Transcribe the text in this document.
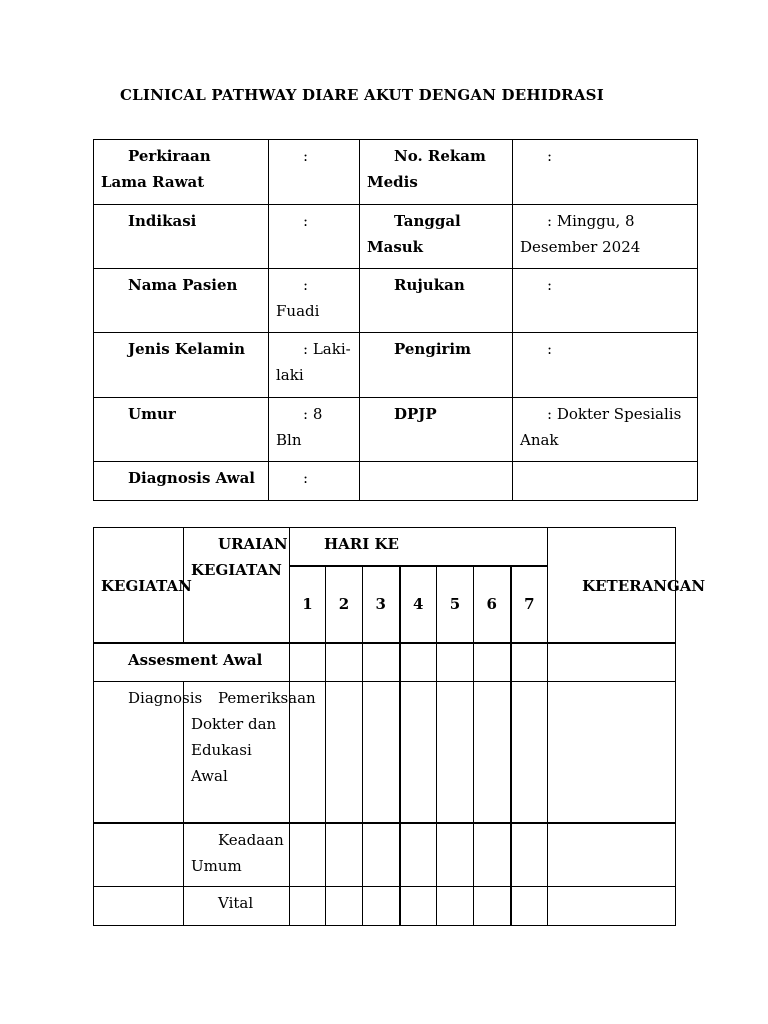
CLINICAL PATHWAY DIARE AKUT DENGAN DEHIDRASI
Perkiraan Lama Rawat	:	No. Rekam Medis	:
Indikasi	:	Tanggal Masuk	: Minggu, 8 Desember 2024
Nama Pasien	: Fuadi	Rujukan	:
Jenis Kelamin	: Laki-laki	Pengirim	:
Umur	: 8 Bln	DPJP	: Dokter Spesialis Anak
Diagnosis Awal	:		
KEGIATAN	URAIAN KEGIATAN	HARI KE							KETERANGAN
		1	2	3	4	5	6	7	
Assesment Awal									
Diagnosis	Pemeriksaan Dokter dan Edukasi Awal								
	Keadaan Umum								
	Vital								
